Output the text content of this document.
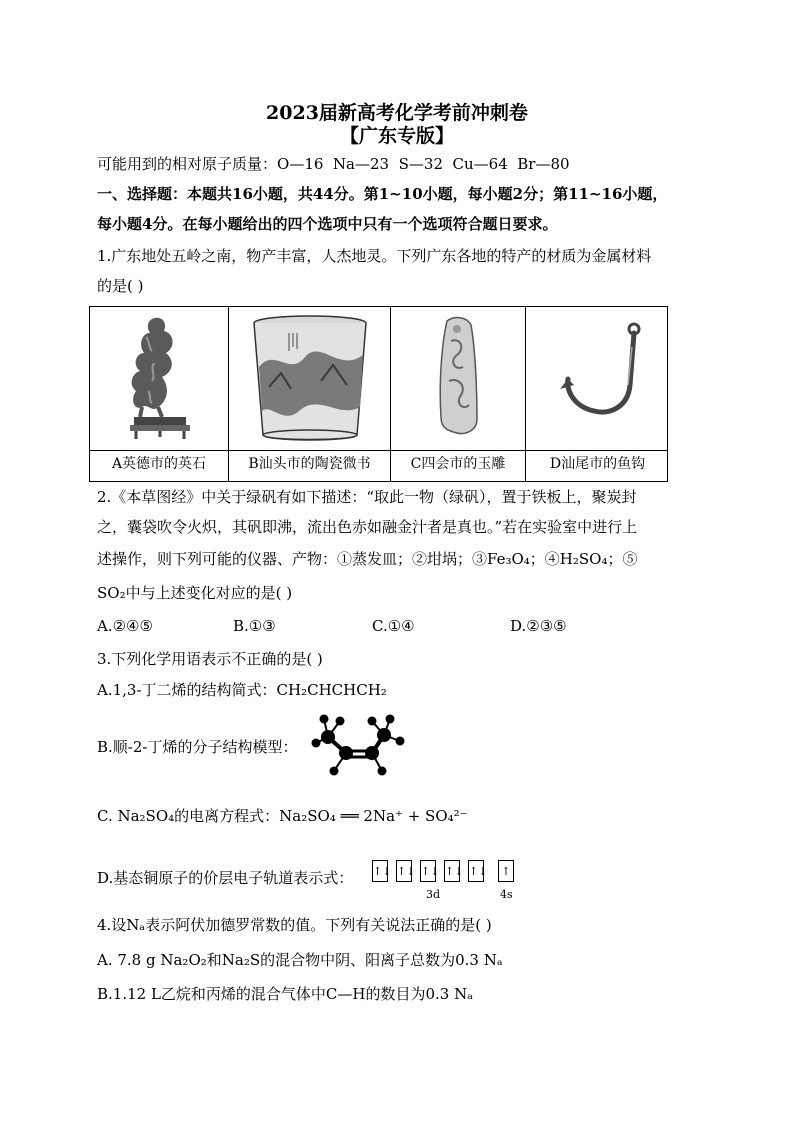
2023届新高考化学考前冲刺卷
【广东专版】
可能用到的相对原子质量：O—16  Na—23  S—32  Cu—64  Br—80
一、选择题：本题共16小题，共44分。第1~10小题，每小题2分；第11~16小题，
每小题4分。在每小题给出的四个选项中只有一个选项符合题日要求。
1.广东地处五岭之南，物产丰富，人杰地灵。下列广东各地的特产的材质为金属材料
的是( )
A英德市的英石	B汕头市的陶瓷微书	C四会市的玉雕	D汕尾市的鱼钩
2.《本草图经》中关于绿矾有如下描述：“取此一物（绿矾），置于铁板上，聚炭封
之，囊袋吹令火炽，其矾即沸，流出色赤如融金汁者是真也。”若在实验室中进行上
述操作，则下列可能的仪器、产物：①蒸发皿；②坩埚；③Fe₃O₄；④H₂SO₄；⑤
SO₂中与上述变化对应的是( )
A.②④⑤	B.①③	C.①④	D.②③⑤
3.下列化学用语表示不正确的是( )
A.1,3-丁二烯的结构简式：CH₂CHCHCH₂
B.顺-2-丁烯的分子结构模型：
C. Na₂SO₄的电离方程式：Na₂SO₄ ══ 2Na⁺ + SO₄²⁻
D.基态铜原子的价层电子轨道表示式： ↑↓ ↑↓ ↑↓ ↑↓ ↑↓	↑
3d	4s
4.设Nₐ表示阿伏加德罗常数的值。下列有关说法正确的是( )
A. 7.8 g Na₂O₂和Na₂S的混合物中阴、阳离子总数为0.3 Nₐ
B.1.12 L乙烷和丙烯的混合气体中C—H的数目为0.3 Nₐ
